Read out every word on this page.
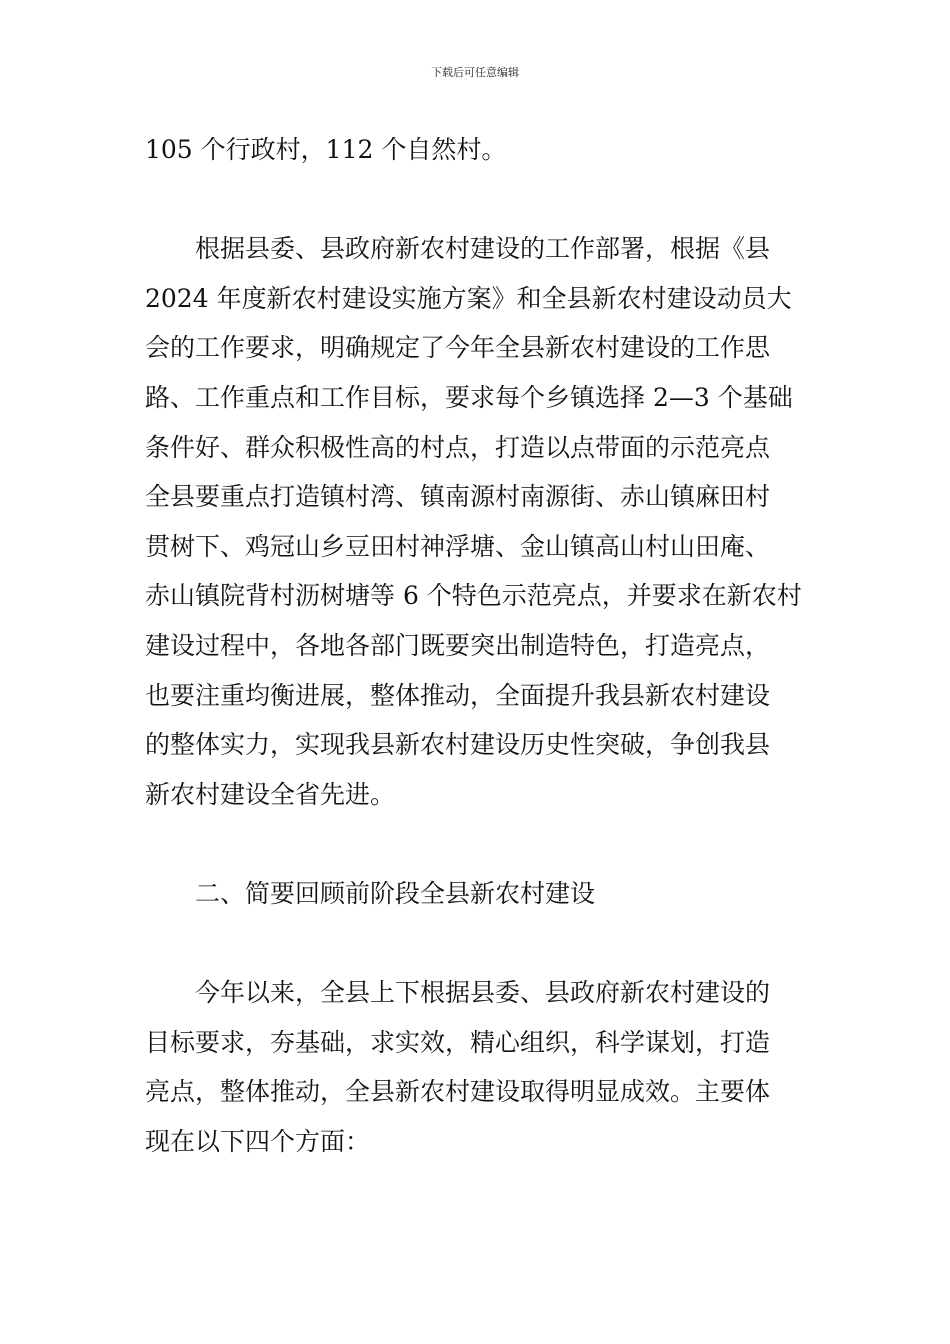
下载后可任意编辑
105 个行政村，112 个自然村。
　　根据县委、县政府新农村建设的工作部署，根据《县
2024 年度新农村建设实施方案》和全县新农村建设动员大
会的工作要求，明确规定了今年全县新农村建设的工作思
路、工作重点和工作目标，要求每个乡镇选择 2—3 个基础
条件好、群众积极性高的村点，打造以点带面的示范亮点
全县要重点打造镇村湾、镇南源村南源街、赤山镇麻田村
贯树下、鸡冠山乡豆田村神浮塘、金山镇高山村山田庵、
赤山镇院背村沥树塘等 6 个特色示范亮点，并要求在新农村
建设过程中，各地各部门既要突出制造特色，打造亮点，
也要注重均衡进展，整体推动，全面提升我县新农村建设
的整体实力，实现我县新农村建设历史性突破，争创我县
新农村建设全省先进。
　　二、简要回顾前阶段全县新农村建设
　　今年以来，全县上下根据县委、县政府新农村建设的
目标要求，夯基础，求实效，精心组织，科学谋划，打造
亮点，整体推动，全县新农村建设取得明显成效。主要体
现在以下四个方面：
